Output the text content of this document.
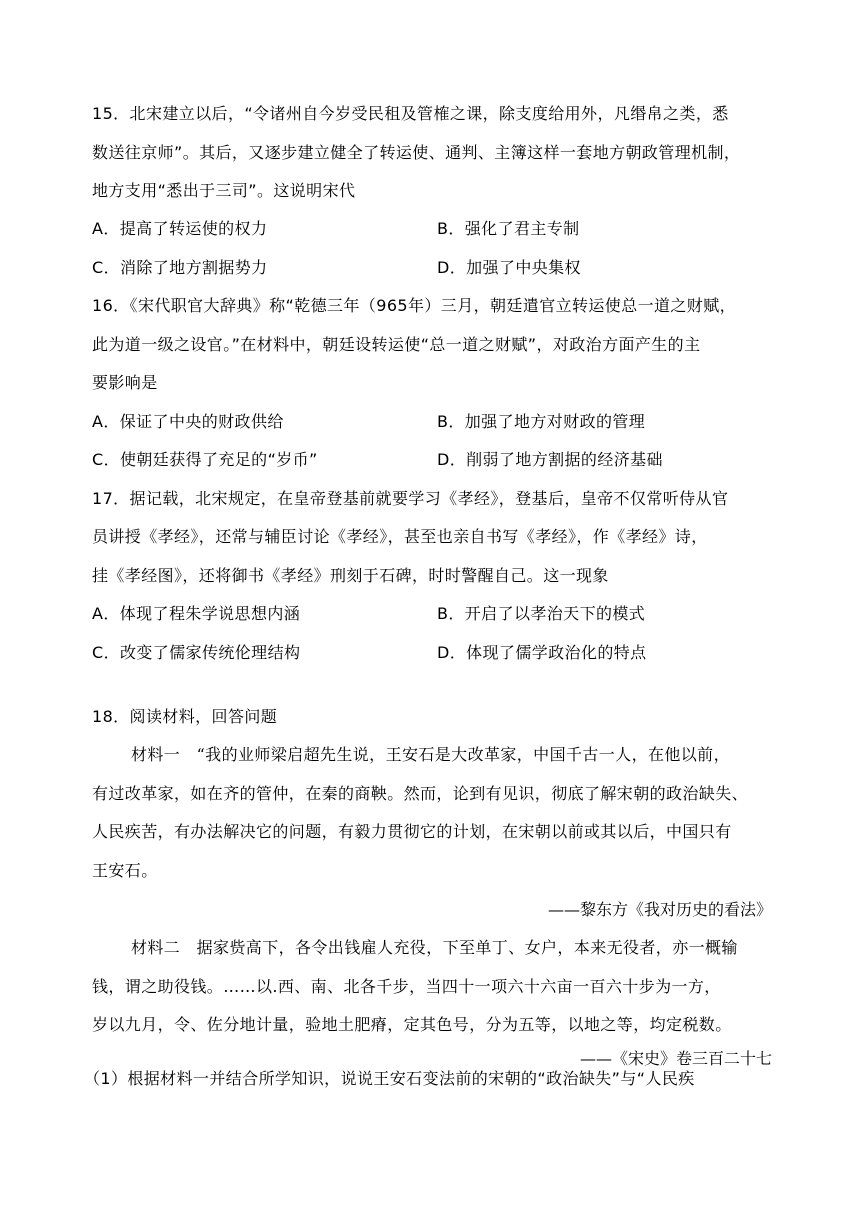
15．北宋建立以后，“令诸州自今岁受民租及管榷之课，除支度给用外，凡缗帛之类，悉
数送往京师”。其后，又逐步建立健全了转运使、通判、主簿这样一套地方朝政管理机制，
地方支用“悉出于三司”。这说明宋代
A．提高了转运使的权力	B．强化了君主专制
C．消除了地方割据势力	D．加强了中央集权
16．《宋代职官大辞典》称“乾德三年（965年）三月，朝廷遣官立转运使总一道之财赋，
此为道一级之设官。”在材料中，朝廷设转运使“总一道之财赋”，对政治方面产生的主
要影响是
A．保证了中央的财政供给	B．加强了地方对财政的管理
C．使朝廷获得了充足的“岁币”	D．削弱了地方割据的经济基础
17．据记载，北宋规定，在皇帝登基前就要学习《孝经》，登基后，皇帝不仅常听侍从官
员讲授《孝经》，还常与辅臣讨论《孝经》，甚至也亲自书写《孝经》，作《孝经》诗，
挂《孝经图》，还将御书《孝经》刑刻于石碑，时时警醒自己。这一现象
A．体现了程朱学说思想内涵	B．开启了以孝治天下的模式
C．改变了儒家传统伦理结构	D．体现了儒学政治化的特点
18．阅读材料，回答问题
材料一　“我的业师梁启超先生说，王安石是大改革家，中国千古一人，在他以前，
有过改革家，如在齐的管仲，在秦的商鞅。然而，论到有见识，彻底了解宋朝的政治缺失、
人民疾苦，有办法解决它的问题，有毅力贯彻它的计划，在宋朝以前或其以后，中国只有
王安石。
——黎东方《我对历史的看法》
材料二　据家赀高下，各令出钱雇人充役，下至单丁、女户，本来无役者，亦一概输
钱，谓之助役钱。……以.西、南、北各千步，当四十一项六十六亩一百六十步为一方，
岁以九月，令、佐分地计量，验地土肥瘠，定其色号，分为五等，以地之等，均定税数。
——《宋史》卷三百二十七
（1）根据材料一并结合所学知识，说说王安石变法前的宋朝的“政治缺失”与“人民疾
